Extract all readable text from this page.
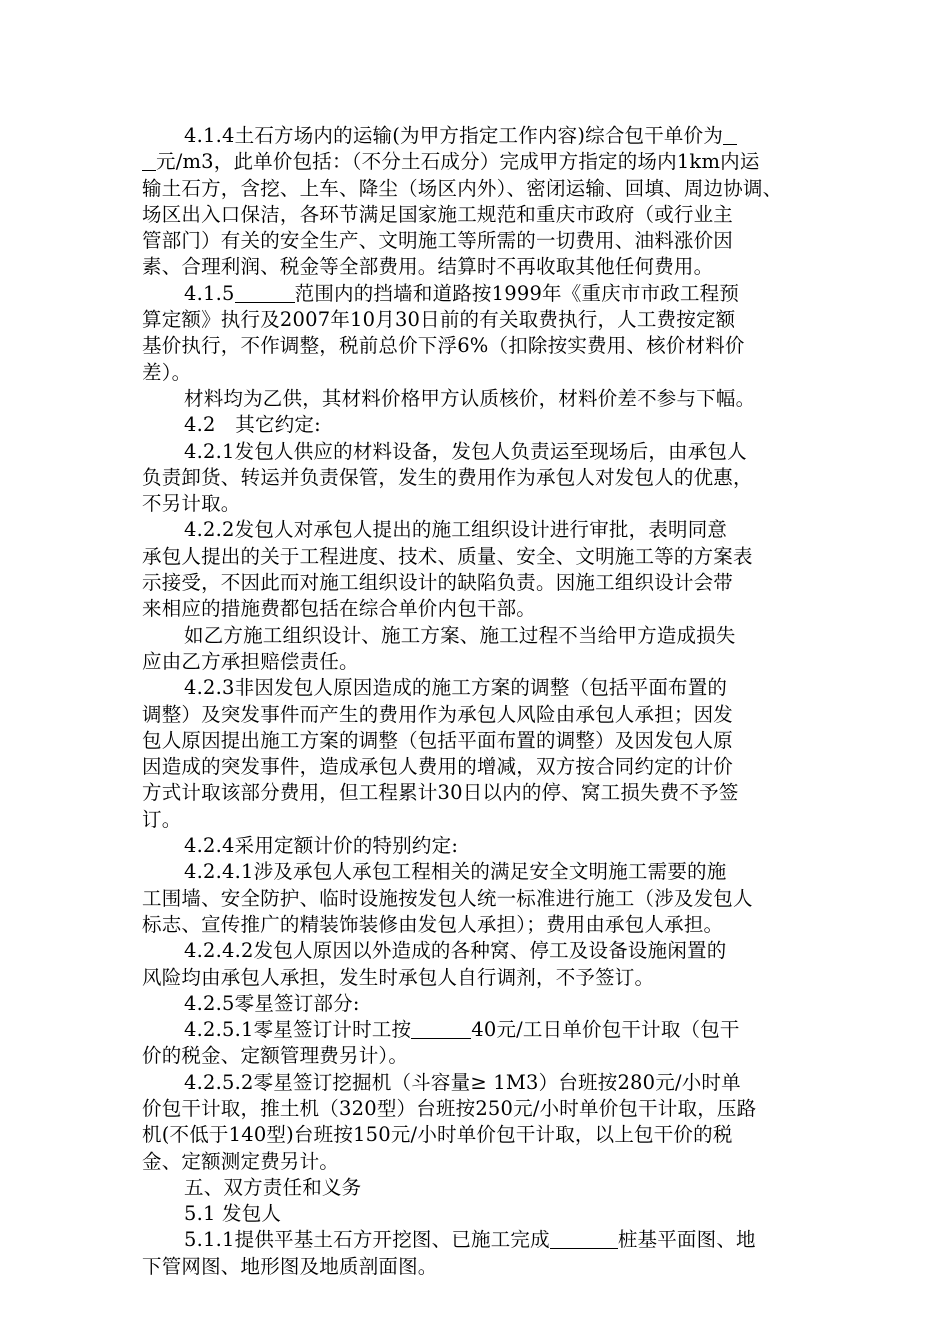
4.1.4土石方场内的运输(为甲方指定工作内容)综合包干单价为
元/m3，此单价包括：（不分土石成分）完成甲方指定的场内1km内运
输土石方，含挖、上车、降尘（场区内外）、密闭运输、回填、周边协调、
场区出入口保洁，各环节满足国家施工规范和重庆市政府（或行业主
管部门）有关的安全生产、文明施工等所需的一切费用、油料涨价因
素、合理利润、税金等全部费用。结算时不再收取其他任何费用。
4.1.5	范围内的挡墙和道路按1999年《重庆市市政工程预
算定额》执行及2007年10月30日前的有关取费执行，人工费按定额
基价执行，不作调整，税前总价下浮6%（扣除按实费用、核价材料价
差）。
材料均为乙供，其材料价格甲方认质核价，材料价差不参与下幅。
4.2　其它约定:
4.2.1发包人供应的材料设备，发包人负责运至现场后，由承包人
负责卸货、转运并负责保管，发生的费用作为承包人对发包人的优惠，
不另计取。
4.2.2发包人对承包人提出的施工组织设计进行审批，表明同意
承包人提出的关于工程进度、技术、质量、安全、文明施工等的方案表
示接受，不因此而对施工组织设计的缺陷负责。因施工组织设计会带
来相应的措施费都包括在综合单价内包干部。
如乙方施工组织设计、施工方案、施工过程不当给甲方造成损失
应由乙方承担赔偿责任。
4.2.3非因发包人原因造成的施工方案的调整（包括平面布置的
调整）及突发事件而产生的费用作为承包人风险由承包人承担；因发
包人原因提出施工方案的调整（包括平面布置的调整）及因发包人原
因造成的突发事件，造成承包人费用的增减，双方按合同约定的计价
方式计取该部分费用，但工程累计30日以内的停、窝工损失费不予签
订。
4.2.4采用定额计价的特别约定:
4.2.4.1涉及承包人承包工程相关的满足安全文明施工需要的施
工围墙、安全防护、临时设施按发包人统一标准进行施工（涉及发包人
标志、宣传推广的精装饰装修由发包人承担）；费用由承包人承担。
4.2.4.2发包人原因以外造成的各种窝、停工及设备设施闲置的
风险均由承包人承担，发生时承包人自行调剂，不予签订。
4.2.5零星签订部分:
4.2.5.1零星签订计时工按	40元/工日单价包干计取（包干
价的税金、定额管理费另计）。
4.2.5.2零星签订挖掘机（斗容量≥ 1M3）台班按280元/小时单
价包干计取，推土机（320型）台班按250元/小时单价包干计取，压路
机(不低于140型)台班按150元/小时单价包干计取，以上包干价的税
金、定额测定费另计。
五、双方责任和义务
5.1 发包人
5.1.1提供平基土石方开挖图、已施工完成	桩基平面图、地
下管网图、地形图及地质剖面图。
